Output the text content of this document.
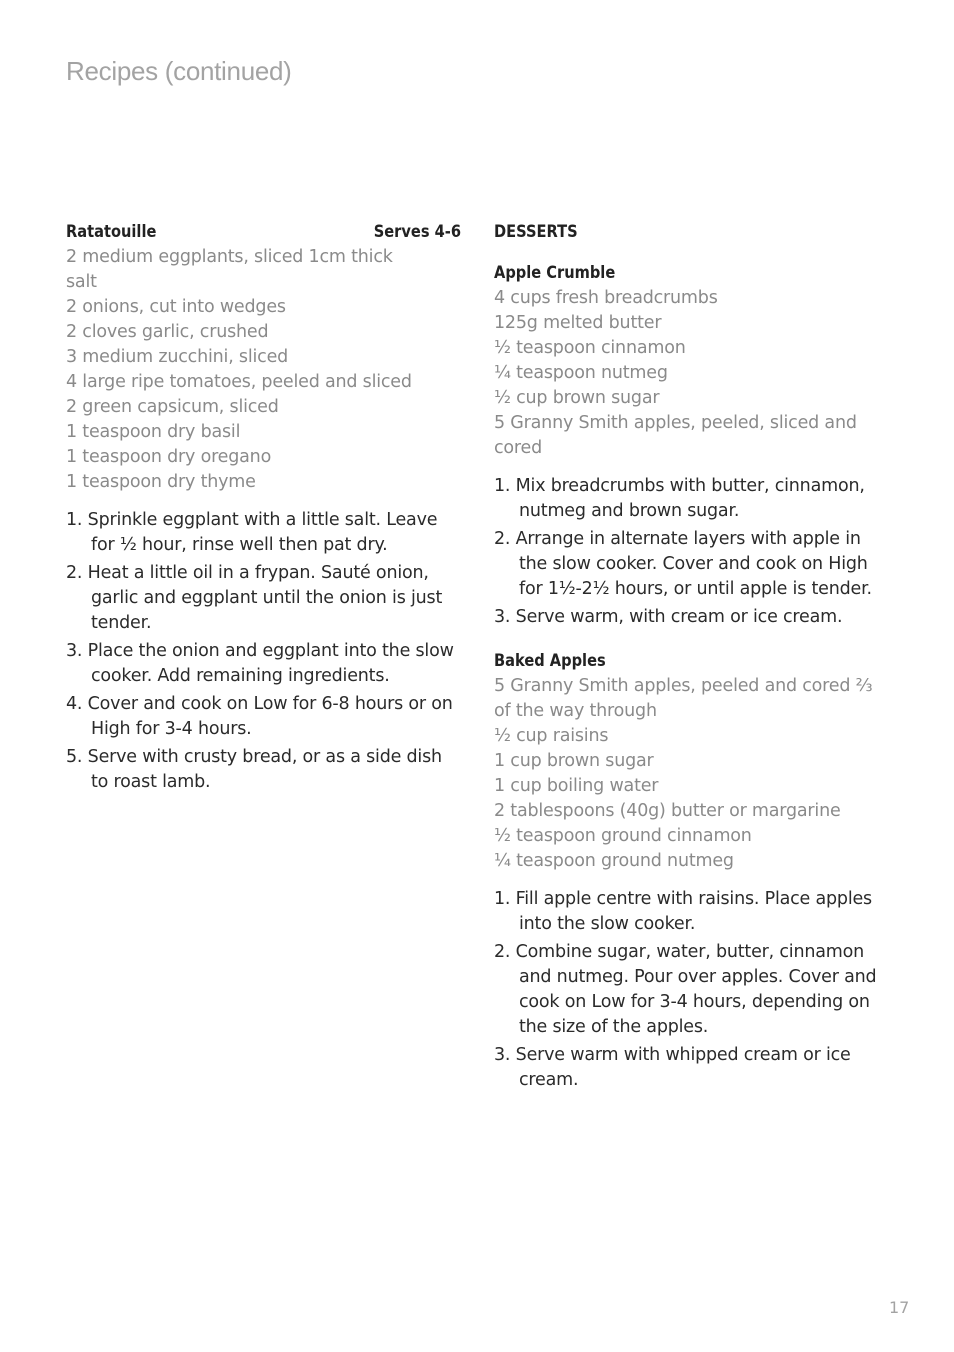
Recipes (continued)
Ratatouille	Serves 4-6
2 medium eggplants, sliced 1cm thick
salt
2 onions, cut into wedges
2 cloves garlic, crushed
3 medium zucchini, sliced
4 large ripe tomatoes, peeled and sliced
2 green capsicum, sliced
1 teaspoon dry basil
1 teaspoon dry oregano
1 teaspoon dry thyme
1. Sprinkle eggplant with a little salt. Leave for ½ hour, rinse well then pat dry.
2. Heat a little oil in a frypan. Sauté onion, garlic and eggplant until the onion is just tender.
3. Place the onion and eggplant into the slow cooker. Add remaining ingredients.
4. Cover and cook on Low for 6-8 hours or on High for 3-4 hours.
5. Serve with crusty bread, or as a side dish to roast lamb.
DESSERTS
Apple Crumble
4 cups fresh breadcrumbs
125g melted butter
½ teaspoon cinnamon
¼ teaspoon nutmeg
½ cup brown sugar
5 Granny Smith apples, peeled, sliced and cored
1. Mix breadcrumbs with butter, cinnamon, nutmeg and brown sugar.
2. Arrange in alternate layers with apple in the slow cooker. Cover and cook on High for 1½-2½ hours, or until apple is tender.
3. Serve warm, with cream or ice cream.
Baked Apples
5 Granny Smith apples, peeled and cored ⅔ of the way through
½ cup raisins
1 cup brown sugar
1 cup boiling water
2 tablespoons (40g) butter or margarine
½ teaspoon ground cinnamon
¼ teaspoon ground nutmeg
1. Fill apple centre with raisins. Place apples into the slow cooker.
2. Combine sugar, water, butter, cinnamon and nutmeg. Pour over apples. Cover and cook on Low for 3-4 hours, depending on the size of the apples.
3. Serve warm with whipped cream or ice cream.
17
